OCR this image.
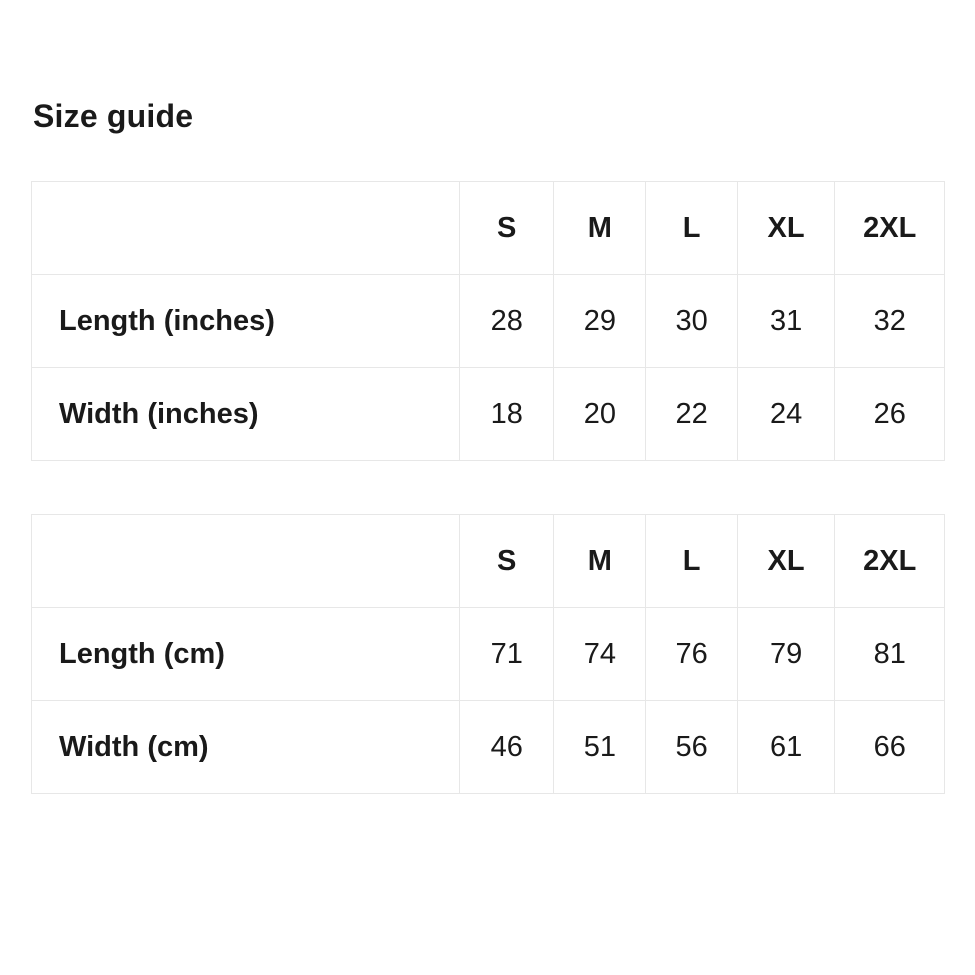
Size guide
	S	M	L	XL	2XL
Length (inches)	28	29	30	31	32
Width (inches)	18	20	22	24	26
	S	M	L	XL	2XL
Length (cm)	71	74	76	79	81
Width (cm)	46	51	56	61	66
